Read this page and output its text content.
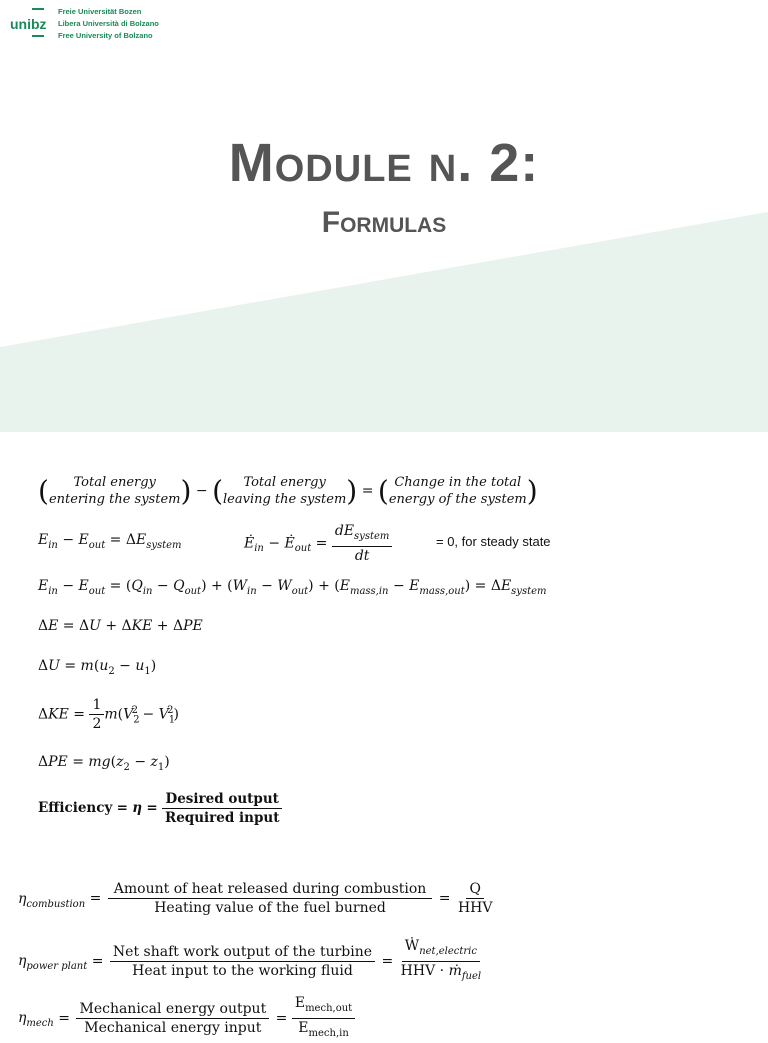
unibz
Freie Universität Bozen
Libera Università di Bolzano
Free University of Bolzano
Module n. 2:
Formulas
( Total energy
entering the system ) − ( Total energy
leaving the system ) = ( Change in the total
energy of the system )
$E_{in} - E_{out} = \Delta E_{system}$	$Ė_{in}$ − $Ė_{out} = \frac{dE_{system}}{dt}$	= 0, for steady state
$E_{in} - E_{out} = (Q_{in} - Q_{out}) + (W_{in} - W_{out}) + (E_{mass,in} - E_{mass,out}) = \Delta E_{system}$
ΔE = ΔU + ΔKE + ΔPE
$\Delta U = m(u_2 - u_1)$
$\Delta KE = \frac{1}{2} m(V_2^2 - V_1^2)$
$\Delta PE = mg(z_2 - z_1)$
Efficiency = $\eta = \frac{\text{Desired output}}{\text{Required input}}$
$\eta_{combustion} = \frac{\text{Amount of heat released during combustion}}{\text{Heating value of the fuel burned}} = \frac{Q}{\text{HHV}}$
$\eta_{power plant} = \frac{\text{Net shaft work output of the turbine}}{\text{Heat input to the working fluid}} = \frac{Ẇ_{net,electric}}{HHV \cdot ṁ_{fuel}}$
$\eta_{mech} = \frac{\text{Mechanical energy output}}{\text{Mechanical energy input}} = \frac{E_{mech,out}}{E_{mech,in}}$
